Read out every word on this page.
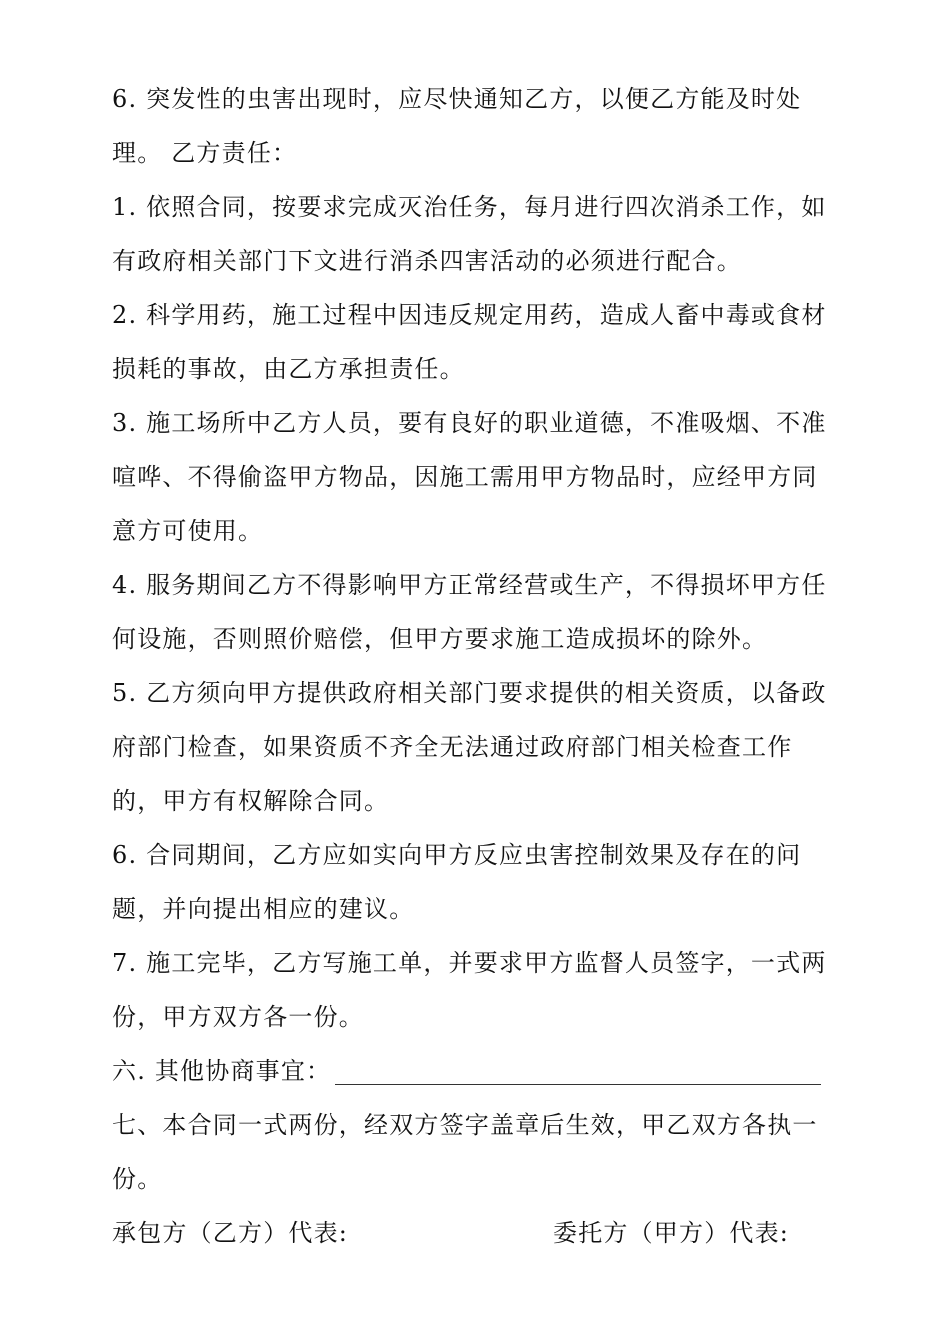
6. 突发性的虫害出现时，应尽快通知乙方，以便乙方能及时处
理。 乙方责任：
1. 依照合同，按要求完成灭治任务，每月进行四次消杀工作，如
有政府相关部门下文进行消杀四害活动的必须进行配合。
2. 科学用药，施工过程中因违反规定用药，造成人畜中毒或食材
损耗的事故，由乙方承担责任。
3. 施工场所中乙方人员，要有良好的职业道德，不准吸烟、不准
喧哗、不得偷盗甲方物品，因施工需用甲方物品时，应经甲方同
意方可使用。
4. 服务期间乙方不得影响甲方正常经营或生产，不得损坏甲方任
何设施，否则照价赔偿，但甲方要求施工造成损坏的除外。
5. 乙方须向甲方提供政府相关部门要求提供的相关资质，以备政
府部门检查，如果资质不齐全无法通过政府部门相关检查工作
的，甲方有权解除合同。
6. 合同期间，乙方应如实向甲方反应虫害控制效果及存在的问
题，并向提出相应的建议。
7. 施工完毕，乙方写施工单，并要求甲方监督人员签字，一式两
份，甲方双方各一份。
六. 其他协商事宜：
七、本合同一式两份，经双方签字盖章后生效，甲乙双方各执一
份。
承包方（乙方）代表:	委托方（甲方）代表:
